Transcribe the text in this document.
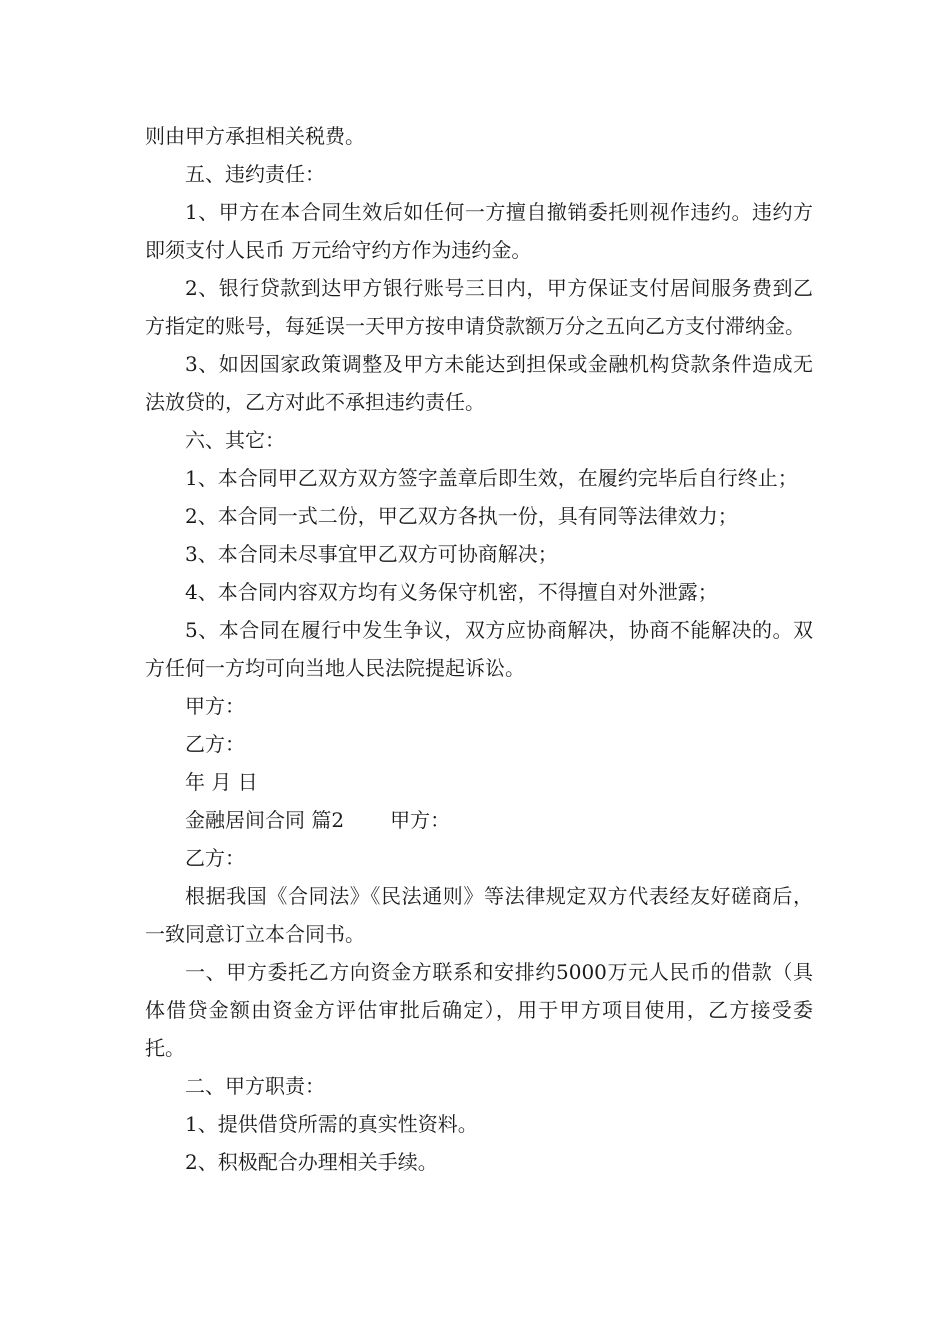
则由甲方承担相关税费。

五、违约责任：

1、甲方在本合同生效后如任何一方擅自撤销委托则视作违约。违约方即须支付人民币 万元给守约方作为违约金。

2、银行贷款到达甲方银行账号三日内，甲方保证支付居间服务费到乙方指定的账号，每延误一天甲方按申请贷款额万分之五向乙方支付滞纳金。

3、如因国家政策调整及甲方未能达到担保或金融机构贷款条件造成无法放贷的，乙方对此不承担违约责任。

六、其它：

1、本合同甲乙双方双方签字盖章后即生效，在履约完毕后自行终止；

2、本合同一式二份，甲乙双方各执一份，具有同等法律效力；

3、本合同未尽事宜甲乙双方可协商解决；

4、本合同内容双方均有义务保守机密，不得擅自对外泄露；

5、本合同在履行中发生争议，双方应协商解决，协商不能解决的。双方任何一方均可向当地人民法院提起诉讼。

甲方：

乙方：

年 月 日

金融居间合同 篇2 甲方：

乙方：

根据我国《合同法》《民法通则》等法律规定双方代表经友好磋商后，一致同意订立本合同书。

一、甲方委托乙方向资金方联系和安排约5000万元人民币的借款（具体借贷金额由资金方评估审批后确定），用于甲方项目使用，乙方接受委托。

二、甲方职责：

1、提供借贷所需的真实性资料。

2、积极配合办理相关手续。
